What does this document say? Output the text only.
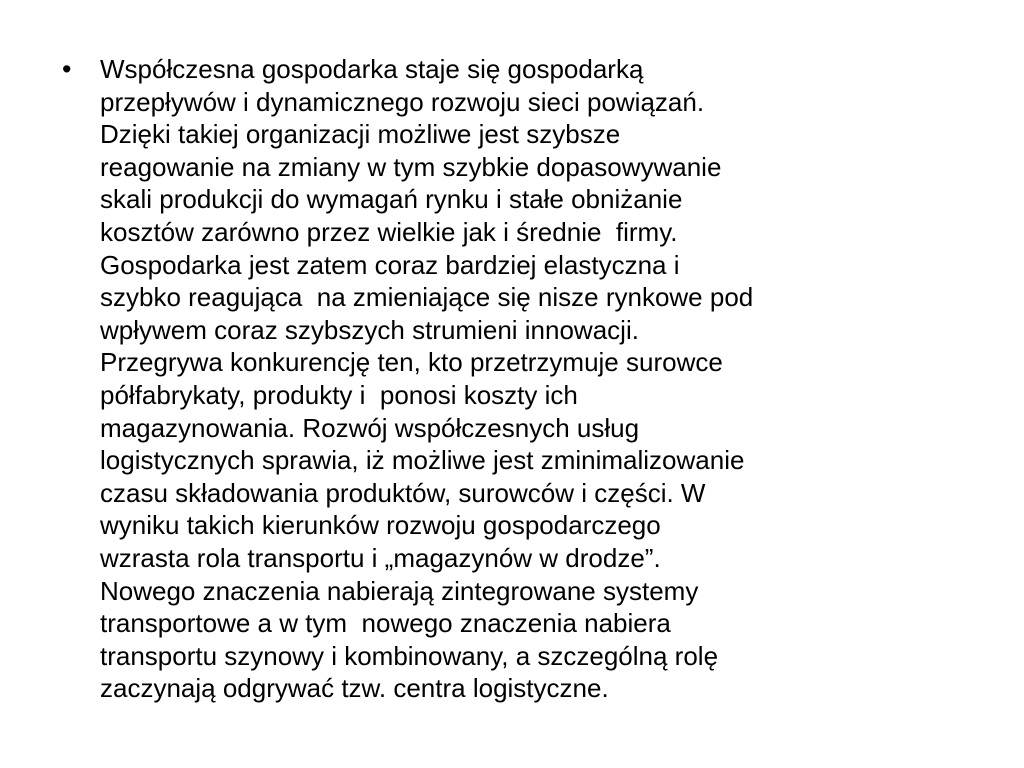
•	Współczesna gospodarka staje się gospodarką
przepływów i dynamicznego rozwoju sieci powiązań.
Dzięki takiej organizacji możliwe jest szybsze
reagowanie na zmiany w tym szybkie dopasowywanie
skali produkcji do wymagań rynku i stałe obniżanie
kosztów zarówno przez wielkie jak i średnie  firmy.
Gospodarka jest zatem coraz bardziej elastyczna i
szybko reagująca  na zmieniające się nisze rynkowe pod
wpływem coraz szybszych strumieni innowacji.
Przegrywa konkurencję ten, kto przetrzymuje surowce
półfabrykaty, produkty i  ponosi koszty ich
magazynowania. Rozwój współczesnych usług
logistycznych sprawia, iż możliwe jest zminimalizowanie
czasu składowania produktów, surowców i części. W
wyniku takich kierunków rozwoju gospodarczego
wzrasta rola transportu i „magazynów w drodze”.
Nowego znaczenia nabierają zintegrowane systemy
transportowe a w tym  nowego znaczenia nabiera
transportu szynowy i kombinowany, a szczególną rolę
zaczynają odgrywać tzw. centra logistyczne.
